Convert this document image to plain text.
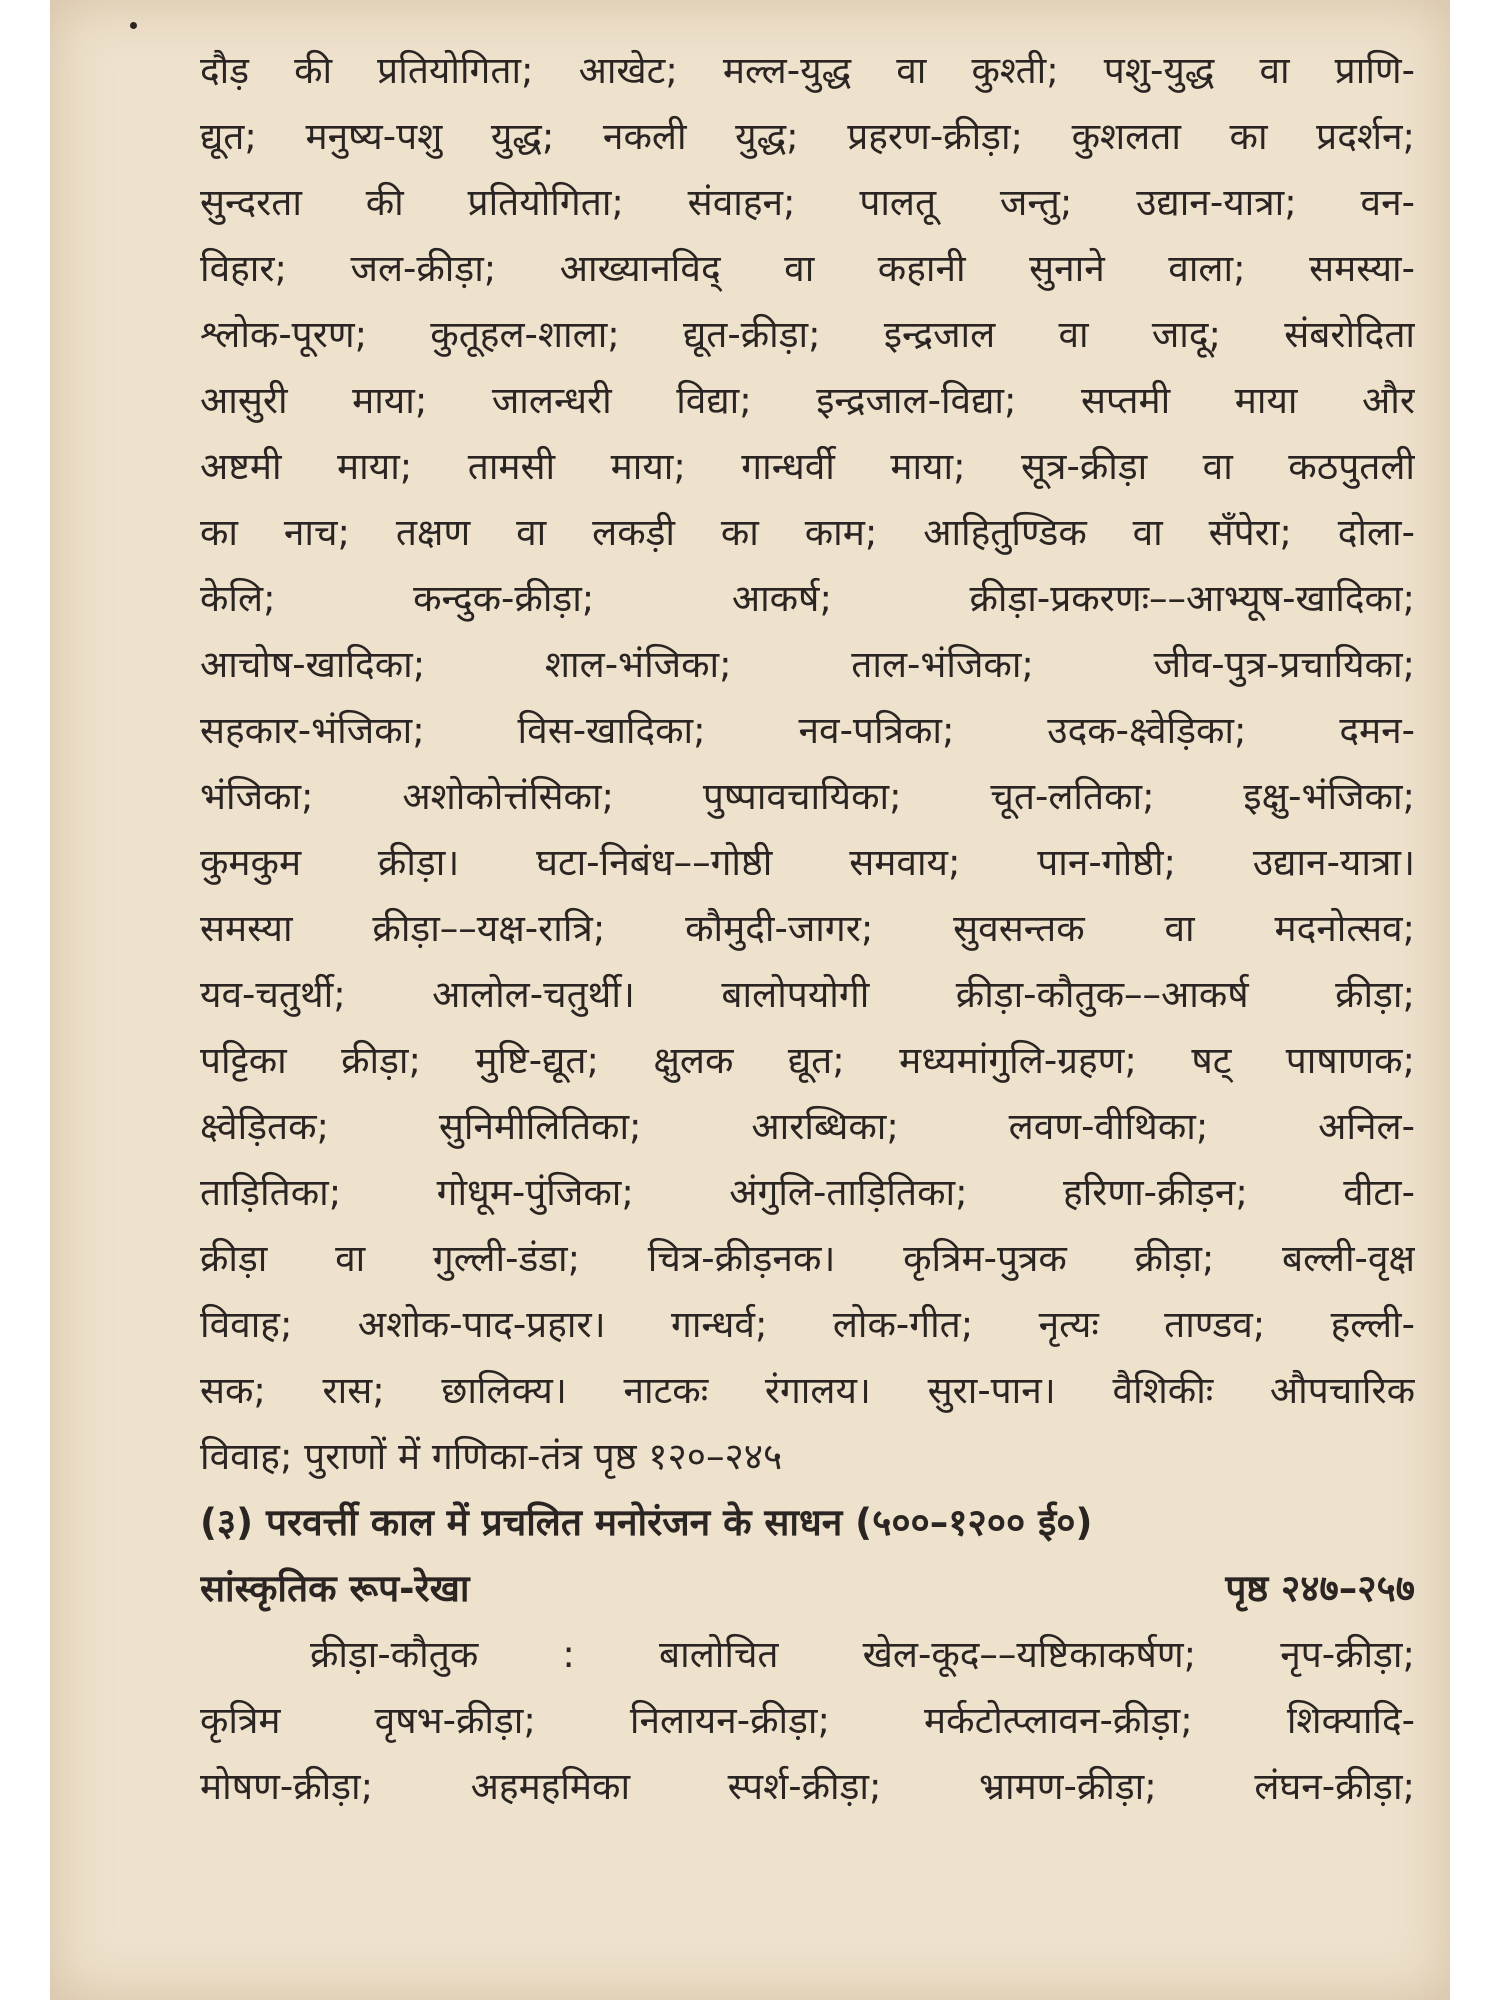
दौड़ की प्रतियोगिता; आखेट; मल्ल-युद्ध वा कुश्ती; पशु-युद्ध वा प्राणि-
द्यूत; मनुष्य-पशु युद्ध; नकली युद्ध; प्रहरण-क्रीड़ा; कुशलता का प्रदर्शन;
सुन्दरता की प्रतियोगिता; संवाहन; पालतू जन्तु; उद्यान-यात्रा; वन-
विहार; जल-क्रीड़ा; आख्यानविद् वा कहानी सुनाने वाला; समस्या-
श्लोक-पूरण; कुतूहल-शाला; द्यूत-क्रीड़ा; इन्द्रजाल वा जादू; संबरोदिता
आसुरी माया; जालन्धरी विद्या; इन्द्रजाल-विद्या; सप्तमी माया और
अष्टमी माया; तामसी माया; गान्धर्वी माया; सूत्र-क्रीड़ा वा कठपुतली
का नाच; तक्षण वा लकड़ी का काम; आहितुण्डिक वा सँपेरा; दोला-
केलि; कन्दुक-क्रीड़ा; आकर्ष; क्रीड़ा-प्रकरणः––आभ्यूष-खादिका;
आचोष-खादिका; शाल-भंजिका; ताल-भंजिका; जीव-पुत्र-प्रचायिका;
सहकार-भंजिका; विस-खादिका; नव-पत्रिका; उदक-क्ष्वेड़िका; दमन-
भंजिका; अशोकोत्तंसिका; पुष्पावचायिका; चूत-लतिका; इक्षु-भंजिका;
कुमकुम क्रीड़ा। घटा-निबंध––गोष्ठी समवाय; पान-गोष्ठी; उद्यान-यात्रा।
समस्या क्रीड़ा––यक्ष-रात्रि; कौमुदी-जागर; सुवसन्तक वा मदनोत्सव;
यव-चतुर्थी; आलोल-चतुर्थी। बालोपयोगी क्रीड़ा-कौतुक––आकर्ष क्रीड़ा;
पट्टिका क्रीड़ा; मुष्टि-द्यूत; क्षुलक द्यूत; मध्यमांगुलि-ग्रहण; षट् पाषाणक;
क्ष्वेड़ितक; सुनिमीलितिका; आरब्धिका; लवण-वीथिका; अनिल-
ताड़ितिका; गोधूम-पुंजिका; अंगुलि-ताड़ितिका; हरिणा-क्रीड़न; वीटा-
क्रीड़ा वा गुल्ली-डंडा; चित्र-क्रीड़नक। कृत्रिम-पुत्रक क्रीड़ा; बल्ली-वृक्ष
विवाह; अशोक-पाद-प्रहार। गान्धर्व; लोक-गीत; नृत्यः ताण्डव; हल्ली-
सक; रास; छालिक्य। नाटकः रंगालय। सुरा-पान। वैशिकीः औपचारिक
विवाह; पुराणों में गणिका-तंत्र पृष्ठ १२०–२४५
(३) परवर्त्ती काल में प्रचलित मनोरंजन के साधन (५००–१२०० ई०)
सांस्कृतिक रूप-रेखा	पृष्ठ २४७–२५७
क्रीड़ा-कौतुक : बालोचित खेल-कूद––यष्टिकाकर्षण; नृप-क्रीड़ा;
कृत्रिम वृषभ-क्रीड़ा; निलायन-क्रीड़ा; मर्कटोत्प्लावन-क्रीड़ा; शिक्यादि-
मोषण-क्रीड़ा; अहमहमिका स्पर्श-क्रीड़ा; भ्रामण-क्रीड़ा; लंघन-क्रीड़ा;
